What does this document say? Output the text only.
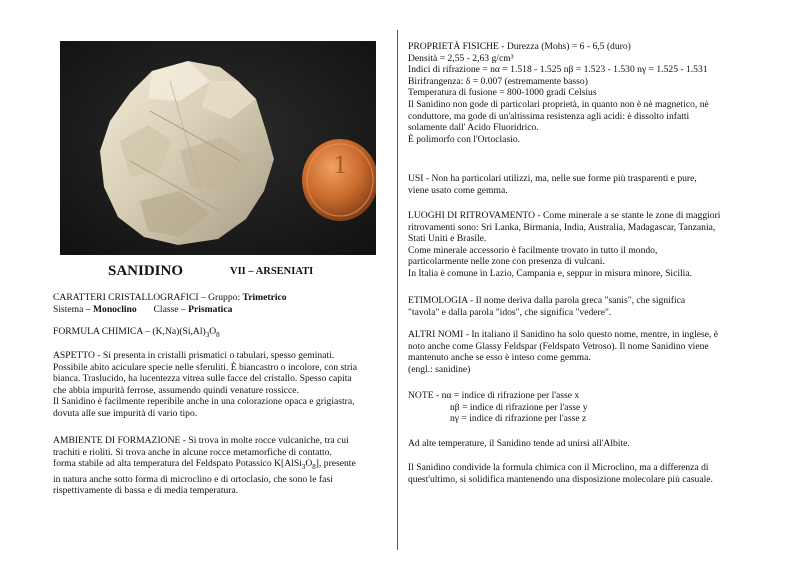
1
SANIDINO	VII – ARSENIATI

CARATTERI CRISTALLOGRAFICI – Gruppo: Trimetrico

Sistema – Monoclino Classe – Prismatica

FORMULA CHIMICA – $(K,Na)(Si,Al)_3O_8$

ASPETTO - Si presenta in cristalli prismatici o tabulari, spesso geminati.
Possibile abito aciculare specie nelle sferuliti. È biancastro o incolore, con stria
bianca. Traslucido, ha lucentezza vitrea sulle facce del cristallo. Spesso capita
che abbia impurità ferrose, assumendo quindi venature rossicce.
Il Sanidino è facilmente reperibile anche in una colorazione opaca e grigiastra,
dovuta alle sue impurità di vario tipo.
AMBIENTE DI FORMAZIONE - Si trova in molte rocce vulcaniche, tra cui
trachiti e rioliti. Si trova anche in alcune rocce metamorfiche di contatto.
forma stabile ad alta temperatura del Feldspato Potassico $K[AlSi_3O_8]$, presente
in natura anche sotto forma di microclino e di ortoclasio, che sono le fasi
rispettivamente di bassa e di media temperatura.
PROPRIETÀ FISICHE - Durezza (Mohs) = 6 - 6,5 (duro)
Densità = 2,55 - 2,63 g/cm³
Indici di rifrazione = nα = 1.518 - 1.525 nβ = 1.523 - 1.530 nγ = 1.525 - 1.531
Birifrangenza: δ = 0.007 (estremamente basso)
Temperatura di fusione = 800-1000 gradi Celsius
Il Sanidino non gode di particolari proprietà, in quanto non è nè magnetico, nè
conduttore, ma gode di un'altissima resistenza agli acidi: è dissolto infatti
solamente dall' Acido Fluoridrico.
È polimorfo con l'Ortoclasio.
USI - Non ha particolari utilizzi, ma, nelle sue forme più trasparenti e pure,
viene usato come gemma.
LUOGHI DI RITROVAMENTO - Come minerale a se stante le zone di maggiori
ritrovamenti sono: Sri Lanka, Birmania, India, Australia, Madagascar, Tanzania,
Stati Uniti e Brasile.
Come minerale accessorio è facilmente trovato in tutto il mondo,
particolarmente nelle zone con presenza di vulcani.
In Italia è comune in Lazio, Campania e, seppur in misura minore, Sicilia.
ETIMOLOGIA - Il nome deriva dalla parola greca "sanis", che significa
"tavola" e dalla parola "idos", che significa "vedere".
ALTRI NOMI - In italiano il Sanidino ha solo questo nome, mentre, in inglese, è
noto anche come Glassy Feldspar (Feldspato Vetroso). Il nome Sanidino viene
mantenuto anche se esso è inteso come gemma.
(engl.: sanidine)
NOTE - nα = indice di rifrazione per l'asse x
nβ = indice di rifrazione per l'asse y
nγ = indice di rifrazione per l'asse z
Ad alte temperature, il Sanidino tende ad unirsi all'Albite.
Il Sanidino condivide la formula chimica con il Microclino, ma a differenza di
quest'ultimo, si solidifica mantenendo una disposizione molecolare più casuale.
